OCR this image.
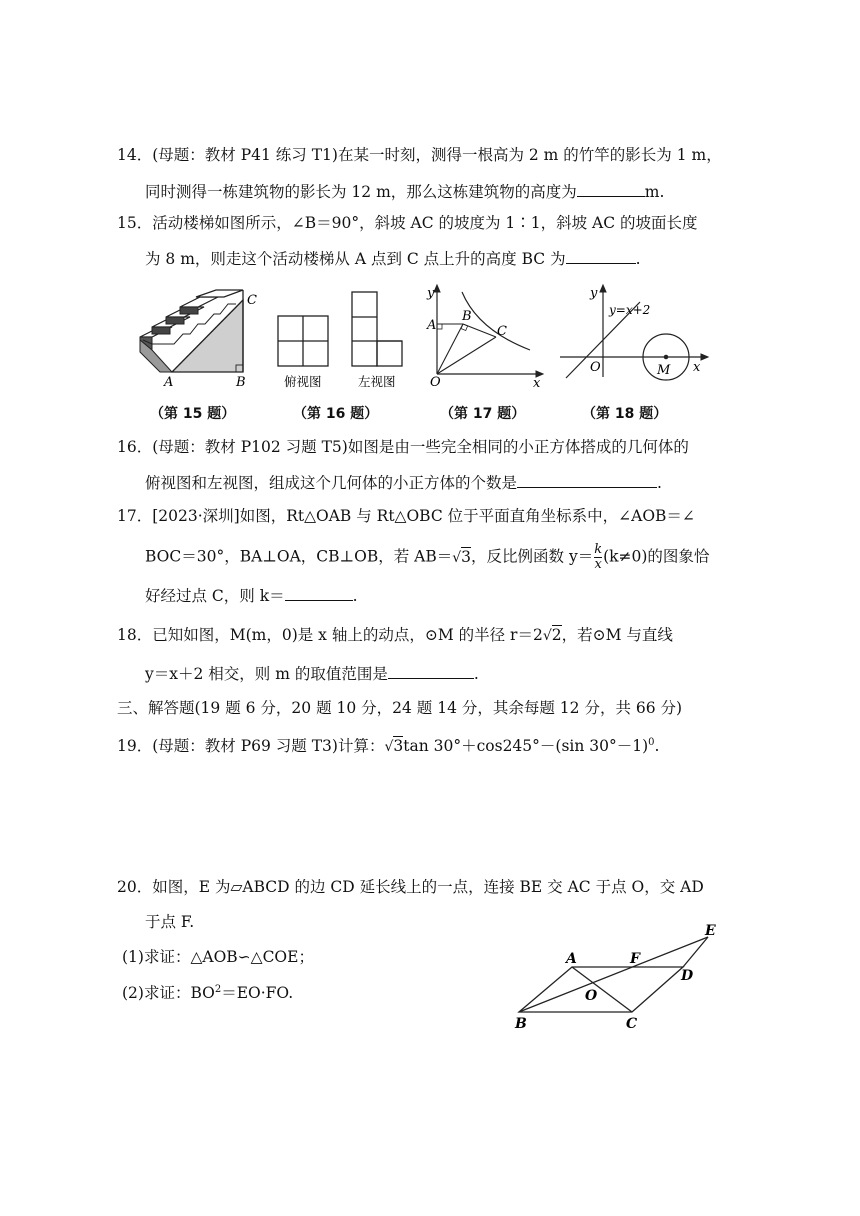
14．(母题：教材 P41 练习 T1)在某一时刻，测得一根高为 2 m 的竹竿的影长为 1 m，
同时测得一栋建筑物的影长为 12 m，那么这栋建筑物的高度为	m.
15．活动楼梯如图所示，∠B＝90°，斜坡 AC 的坡度为 1∶1，斜坡 AC 的坡面长度
为 8 m，则走这个活动楼梯从 A 点到 C 点上升的高度 BC 为	.
A	B
C
俯视图	左视图
y
x
O
A
B
C
y
y=x+2
O	M x
（第 15 题）	（第 16 题）	（第 17 题）	（第 18 题）
16．(母题：教材 P102 习题 T5)如图是由一些完全相同的小正方体搭成的几何体的
俯视图和左视图，组成这个几何体的小正方体的个数是	.
17．[2023·深圳]如图，Rt△OAB 与 Rt△OBC 位于平面直角坐标系中，∠AOB＝∠
BOC＝30°，BA⊥OA，CB⊥OB，若 AB＝√3，反比例函数 $y= \frac{k}{x} (k\ne 0)$的图象恰
好经过点 C，则 k＝	.
18．已知如图，M(m，0)是 x 轴上的动点，⊙M 的半径 r＝2√2，若⊙M 与直线
y＝x＋2 相交，则 m 的取值范围是	.
三、解答题(19 题 6 分，20 题 10 分，24 题 14 分，其余每题 12 分，共 66 分)
19．(母题：教材 P69 习题 T3)计算：√3tan 30°＋cos245°－(sin 30°－1)$^0$.
20．如图，E 为▱ABCD 的边 CD 延长线上的一点，连接 BE 交 AC 于点 O，交 AD
于点 F.
(1)求证：△AOB∽△COE；
(2)求证：$BO^2=EO\cdot FO$.
A	F
E
D
O
B	C
